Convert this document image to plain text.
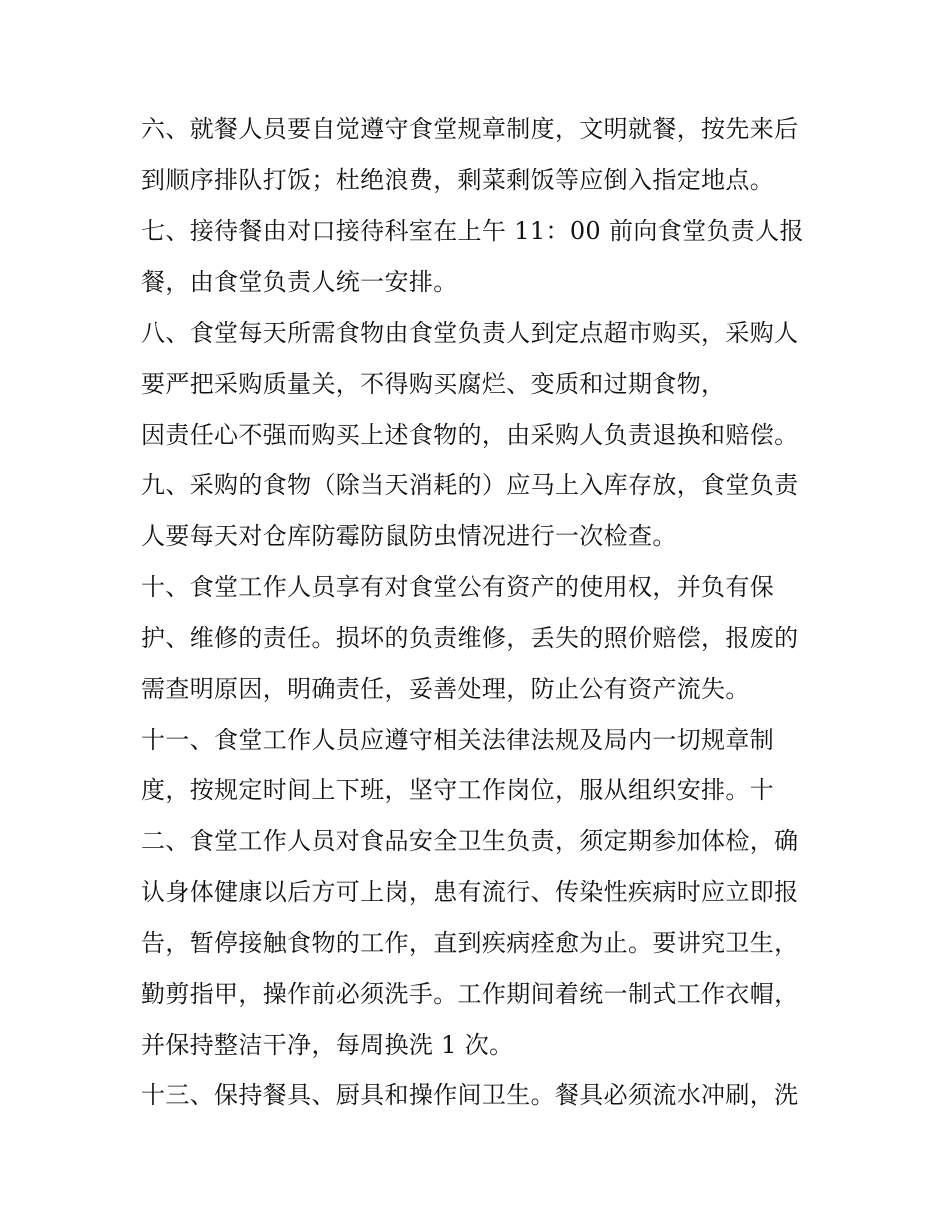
六、就餐人员要自觉遵守食堂规章制度，文明就餐，按先来后
到顺序排队打饭；杜绝浪费，剩菜剩饭等应倒入指定地点。
七、接待餐由对口接待科室在上午 11：00 前向食堂负责人报
餐，由食堂负责人统一安排。
八、食堂每天所需食物由食堂负责人到定点超市购买，采购人
要严把采购质量关，不得购买腐烂、变质和过期食物，
因责任心不强而购买上述食物的，由采购人负责退换和赔偿。
九、采购的食物（除当天消耗的）应马上入库存放，食堂负责
人要每天对仓库防霉防鼠防虫情况进行一次检查。
十、食堂工作人员享有对食堂公有资产的使用权，并负有保
护、维修的责任。损坏的负责维修，丢失的照价赔偿，报废的
需查明原因，明确责任，妥善处理，防止公有资产流失。
十一、食堂工作人员应遵守相关法律法规及局内一切规章制
度，按规定时间上下班，坚守工作岗位，服从组织安排。十
二、食堂工作人员对食品安全卫生负责，须定期参加体检，确
认身体健康以后方可上岗，患有流行、传染性疾病时应立即报
告，暂停接触食物的工作，直到疾病痊愈为止。要讲究卫生，
勤剪指甲，操作前必须洗手。工作期间着统一制式工作衣帽，
并保持整洁干净，每周换洗 1 次。
十三、保持餐具、厨具和操作间卫生。餐具必须流水冲刷，洗
